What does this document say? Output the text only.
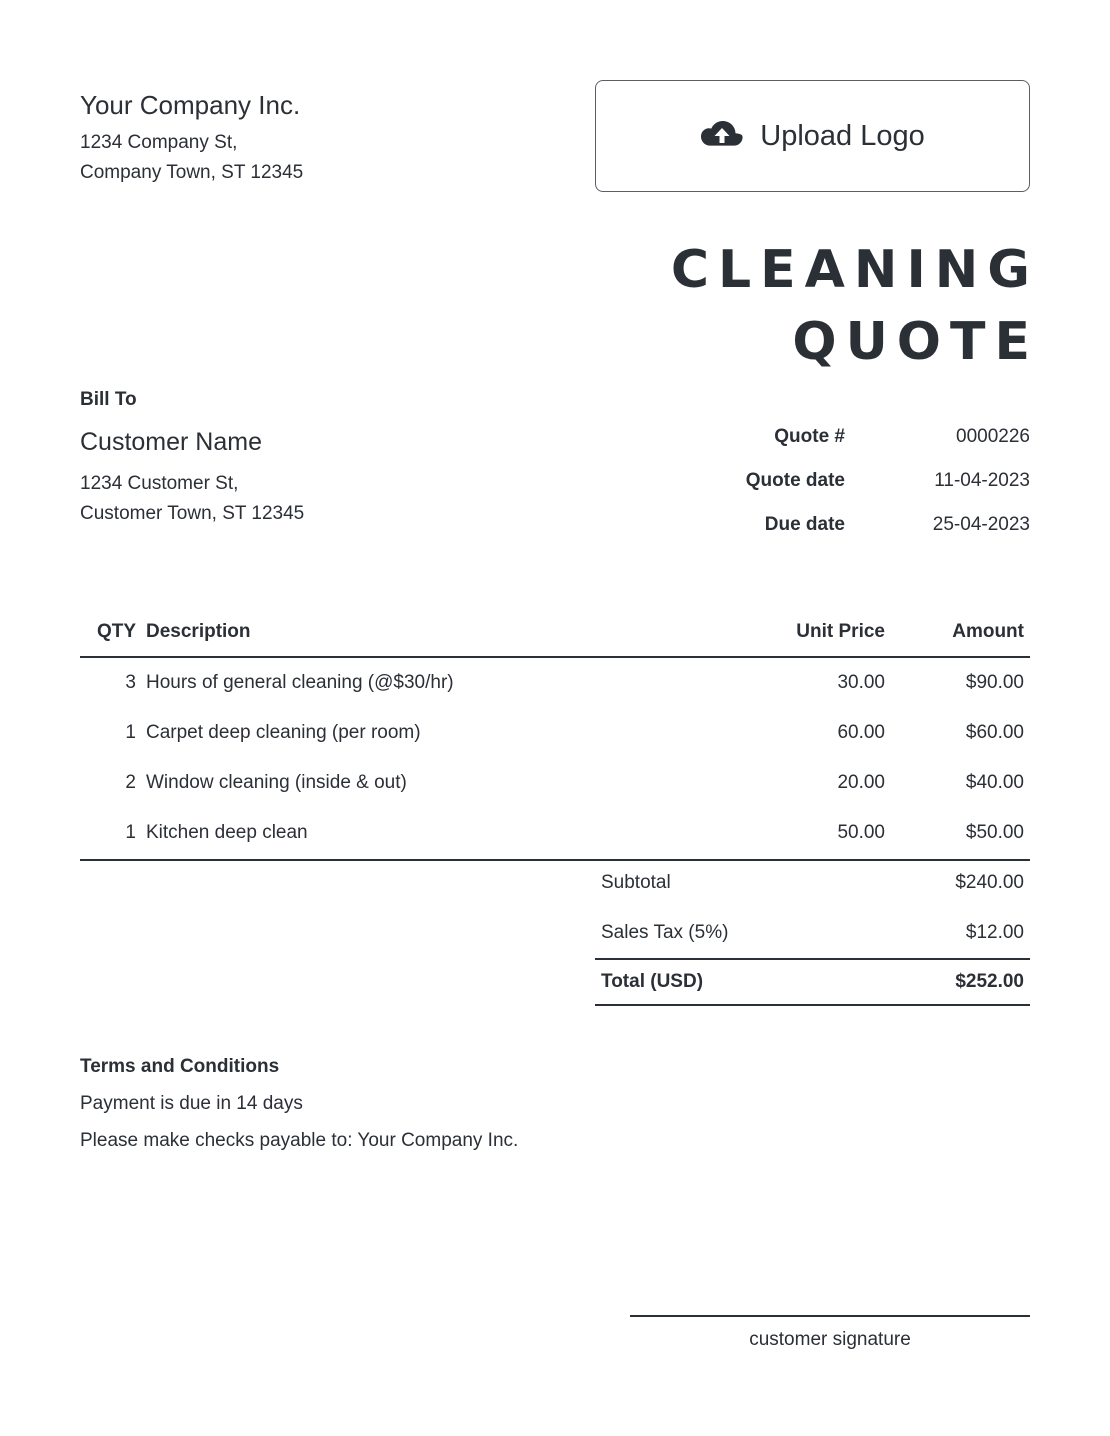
Your Company Inc.
1234 Company St,
Company Town, ST 12345
Upload Logo
CLEANING
QUOTE
Bill To
Customer Name
1234 Customer St,
Customer Town, ST 12345
Quote #	0000226
Quote date	11-04-2023
Due date	25-04-2023
QTY Description	Unit Price	Amount
3 Hours of general cleaning (@$30/hr)	30.00	$90.00
1 Carpet deep cleaning (per room)	60.00	$60.00
2 Window cleaning (inside & out)	20.00	$40.00
1 Kitchen deep clean	50.00	$50.00
Subtotal	$240.00
Sales Tax (5%)	$12.00
Total (USD)	$252.00
Terms and Conditions
Payment is due in 14 days
Please make checks payable to: Your Company Inc.
customer signature
